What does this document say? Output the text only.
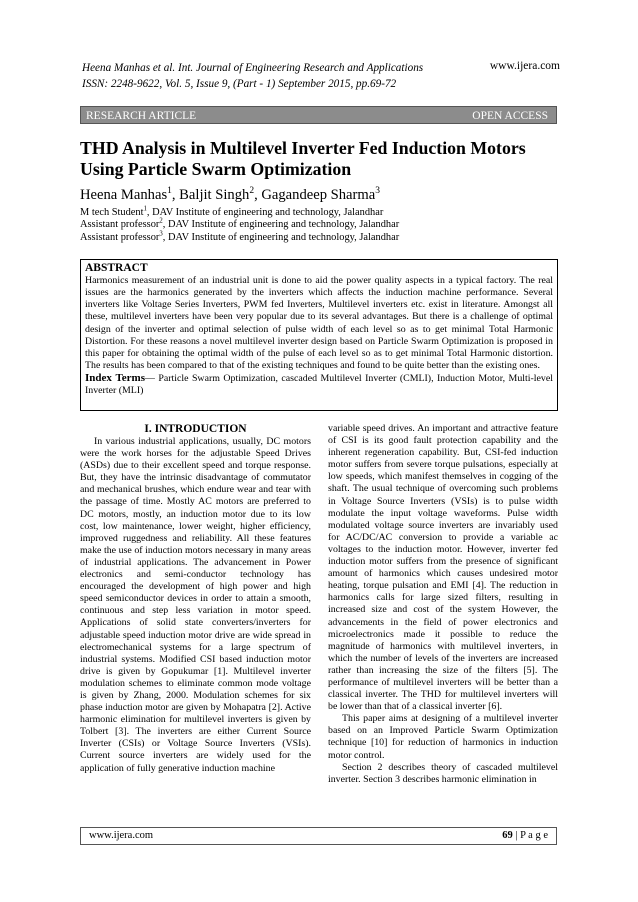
Heena Manhas et al. Int. Journal of Engineering Research and Applications
ISSN: 2248-9622, Vol. 5, Issue 9, (Part - 1) September 2015, pp.69-72
www.ijera.com
RESEARCH ARTICLE	OPEN ACCESS
THD Analysis in Multilevel Inverter Fed Induction Motors Using Particle Swarm Optimization
Heena Manhas$^1$, Baljit Singh$^2$, Gagandeep Sharma$^3$
M tech Student$^1$, DAV Institute of engineering and technology, Jalandhar
Assistant professor$^2$, DAV Institute of engineering and technology, Jalandhar
Assistant professor$^3$, DAV Institute of engineering and technology, Jalandhar
ABSTRACT
Harmonics measurement of an industrial unit is done to aid the power quality aspects in a typical factory. The real issues are the harmonics generated by the inverters which affects the induction machine performance. Several inverters like Voltage Series Inverters, PWM fed Inverters, Multilevel inverters etc. exist in literature. Amongst all these, multilevel inverters have been very popular due to its several advantages. But there is a challenge of optimal design of the inverter and optimal selection of pulse width of each level so as to get minimal Total Harmonic Distortion. For these reasons a novel multilevel inverter design based on Particle Swarm Optimization is proposed in this paper for obtaining the optimal width of the pulse of each level so as to get minimal Total Harmonic distortion. The results has been compared to that of the existing techniques and found to be quite better than the existing ones.
Index Terms— Particle Swarm Optimization, cascaded Multilevel Inverter (CMLI), Induction Motor, Multi-level Inverter (MLI)
I. INTRODUCTION

In various industrial applications, usually, DC motors were the work horses for the adjustable Speed Drives (ASDs) due to their excellent speed and torque response. But, they have the intrinsic disadvantage of commutator and mechanical brushes, which endure wear and tear with the passage of time. Mostly AC motors are preferred to DC motors, mostly, an induction motor due to its low cost, low maintenance, lower weight, higher efficiency, improved ruggedness and reliability. All these features make the use of induction motors necessary in many areas of industrial applications. The advancement in Power electronics and semi-conductor technology has encouraged the development of high power and high speed semiconductor devices in order to attain a smooth, continuous and step less variation in motor speed. Applications of solid state converters/inverters for adjustable speed induction motor drive are wide spread in electromechanical systems for a large spectrum of industrial systems. Modified CSI based induction motor drive is given by Gopukumar [1]. Multilevel inverter modulation schemes to eliminate common mode voltage is given by Zhang, 2000. Modulation schemes for six phase induction motor are given by Mohapatra [2]. Active harmonic elimination for multilevel inverters is given by Tolbert [3]. The inverters are either Current Source Inverter (CSIs) or Voltage Source Inverters (VSIs). Current source inverters are widely used for the application of fully generative induction machine

variable speed drives. An important and attractive feature of CSI is its good fault protection capability and the inherent regeneration capability. But, CSI-fed induction motor suffers from severe torque pulsations, especially at low speeds, which manifest themselves in cogging of the shaft. The usual technique of overcoming such problems in Voltage Source Inverters (VSIs) is to pulse width modulate the input voltage waveforms. Pulse width modulated voltage source inverters are invariably used for AC/DC/AC conversion to provide a variable ac voltages to the induction motor. However, inverter fed induction motor suffers from the presence of significant amount of harmonics which causes undesired motor heating, torque pulsation and EMI [4]. The reduction in harmonics calls for large sized filters, resulting in increased size and cost of the system However, the advancements in the field of power electronics and microelectronics made it possible to reduce the magnitude of harmonics with multilevel inverters, in which the number of levels of the inverters are increased rather than increasing the size of the filters [5]. The performance of multilevel inverters will be better than a classical inverter. The THD for multilevel inverters will be lower than that of a classical inverter [6].

This paper aims at designing of a multilevel inverter based on an Improved Particle Swarm Optimization technique [10] for reduction of harmonics in induction motor control.

Section 2 describes theory of cascaded multilevel inverter. Section 3 describes harmonic elimination in

www.ijera.com	69 | P a g e
